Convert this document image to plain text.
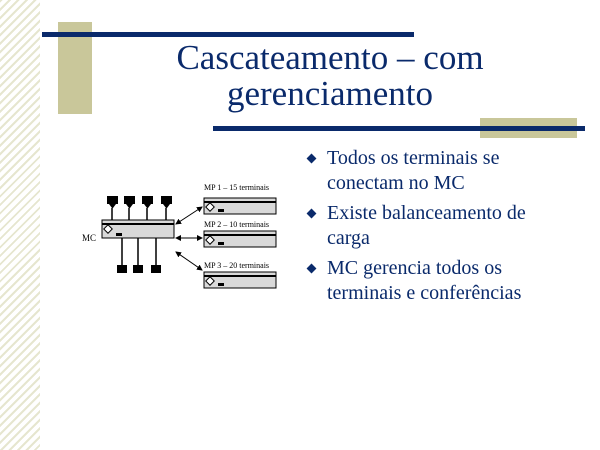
Cascateamento – com
gerenciamento
MC
MP 1 – 15 terminais
MP 2 – 10 terminais
MP 3 – 20 terminais
Todos os terminais se conectam no MC
Existe balanceamento de carga
MC gerencia todos os terminais e conferências
